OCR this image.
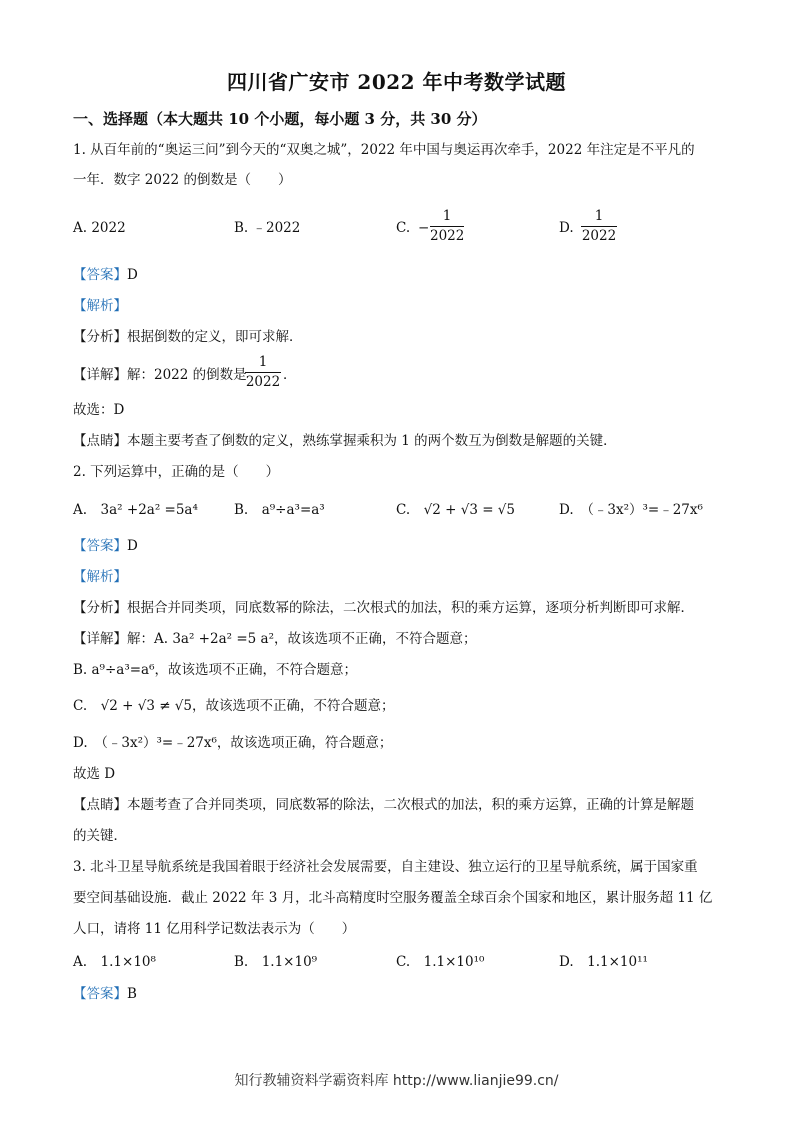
四川省广安市 2022 年中考数学试题
一、选择题（本大题共 10 个小题，每小题 3 分，共 30 分）
1. 从百年前的“奥运三问”到今天的“双奥之城”，2022 年中国与奥运再次牵手，2022 年注定是不平凡的
一年．数字 2022 的倒数是（　　）
A. 2022	B. ﹣2022	C. −
1
2022	D.
1
2022
【答案】D
【解析】
【分析】根据倒数的定义，即可求解．
【详解】解：2022 的倒数是
1
2022 ．
故选：D
【点睛】本题主要考查了倒数的定义，熟练掌握乘积为 1 的两个数互为倒数是解题的关键．
2. 下列运算中，正确的是（　　）
A.　3a² +2a² =5a⁴	B.　a⁹÷a³=a³	C.　√2 + √3 = √5	D.　（﹣3x²）³=﹣27x⁶
【答案】D
【解析】
【分析】根据合并同类项，同底数幂的除法，二次根式的加法，积的乘方运算，逐项分析判断即可求解．
【详解】解：A. 3a² +2a² =5 a²，故该选项不正确，不符合题意；
B. a⁹÷a³=a⁶，故该选项不正确，不符合题意；
C.　√2 + √3 ≠ √5，故该选项不正确，不符合题意；
D.　（﹣3x²）³=﹣27x⁶，故该选项正确，符合题意；
故选 D
【点睛】本题考查了合并同类项，同底数幂的除法，二次根式的加法，积的乘方运算，正确的计算是解题
的关键．
3. 北斗卫星导航系统是我国着眼于经济社会发展需要，自主建设、独立运行的卫星导航系统，属于国家重
要空间基础设施．截止 2022 年 3 月，北斗高精度时空服务覆盖全球百余个国家和地区，累计服务超 11 亿
人口，请将 11 亿用科学记数法表示为（　　）
A.　1.1×10⁸	B.　1.1×10⁹	C.　1.1×10¹⁰	D.　1.1×10¹¹
【答案】B
知行教辅资料学霸资料库 http://www.lianjie99.cn/
